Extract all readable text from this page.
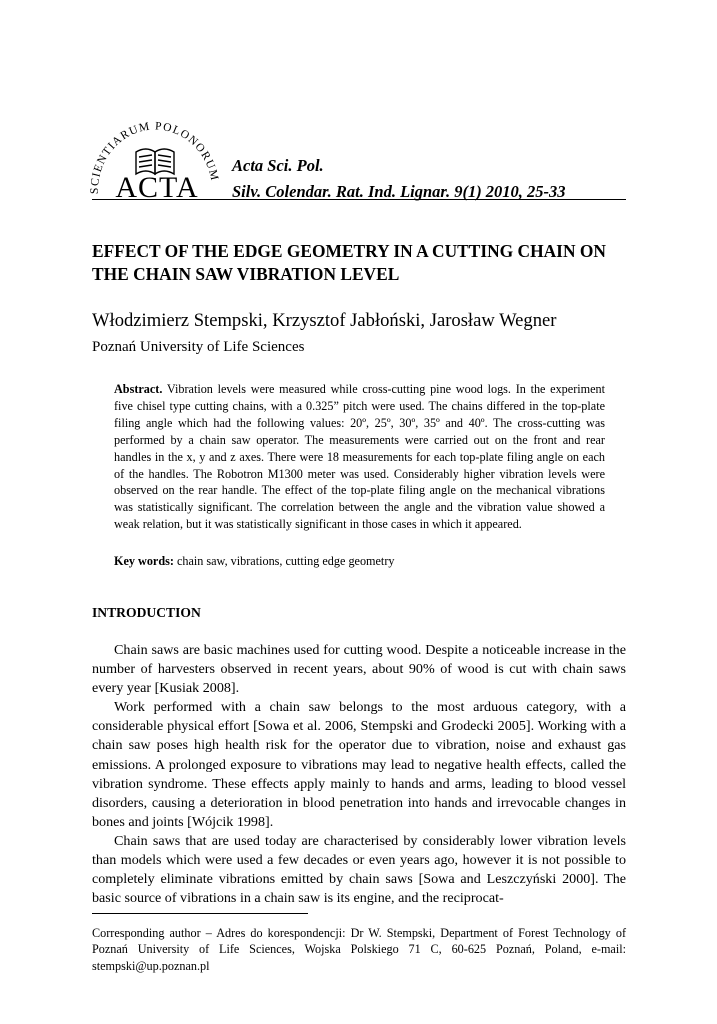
SCIENTIARUM POLONORUM
ACTA
Acta Sci. Pol.
Silv. Colendar. Rat. Ind. Lignar. 9(1) 2010, 25-33
EFFECT OF THE EDGE GEOMETRY IN A CUTTING CHAIN ON THE CHAIN SAW VIBRATION LEVEL

Włodzimierz Stempski, Krzysztof Jabłoński, Jarosław Wegner

Poznań University of Life Sciences

Abstract. Vibration levels were measured while cross-cutting pine wood logs. In the experiment five chisel type cutting chains, with a 0.325” pitch were used. The chains differed in the top-plate filing angle which had the following values: 20º, 25º, 30º, 35º and 40º. The cross-cutting was performed by a chain saw operator. The measurements were carried out on the front and rear handles in the x, y and z axes. There were 18 measurements for each top-plate filing angle on each of the handles. The Robotron M1300 meter was used. Considerably higher vibration levels were observed on the rear handle. The effect of the top-plate filing angle on the mechanical vibrations was statistically significant. The correlation between the angle and the vibration value showed a weak relation, but it was statistically significant in those cases in which it appeared.

Key words: chain saw, vibrations, cutting edge geometry

INTRODUCTION

Chain saws are basic machines used for cutting wood. Despite a noticeable increase in the number of harvesters observed in recent years, about 90% of wood is cut with chain saws every year [Kusiak 2008].

Work performed with a chain saw belongs to the most arduous category, with a considerable physical effort [Sowa et al. 2006, Stempski and Grodecki 2005]. Working with a chain saw poses high health risk for the operator due to vibration, noise and exhaust gas emissions. A prolonged exposure to vibrations may lead to negative health effects, called the vibration syndrome. These effects apply mainly to hands and arms, leading to blood vessel disorders, causing a deterioration in blood penetration into hands and irrevocable changes in bones and joints [Wójcik 1998].

Chain saws that are used today are characterised by considerably lower vibration levels than models which were used a few decades or even years ago, however it is not possible to completely eliminate vibrations emitted by chain saws [Sowa and Leszczyński 2000]. The basic source of vibrations in a chain saw is its engine, and the reciprocat-

Corresponding author – Adres do korespondencji: Dr W. Stempski, Department of Forest Technology of Poznań University of Life Sciences, Wojska Polskiego 71 C, 60-625 Poznań, Poland, e-mail: stempski@up.poznan.pl
